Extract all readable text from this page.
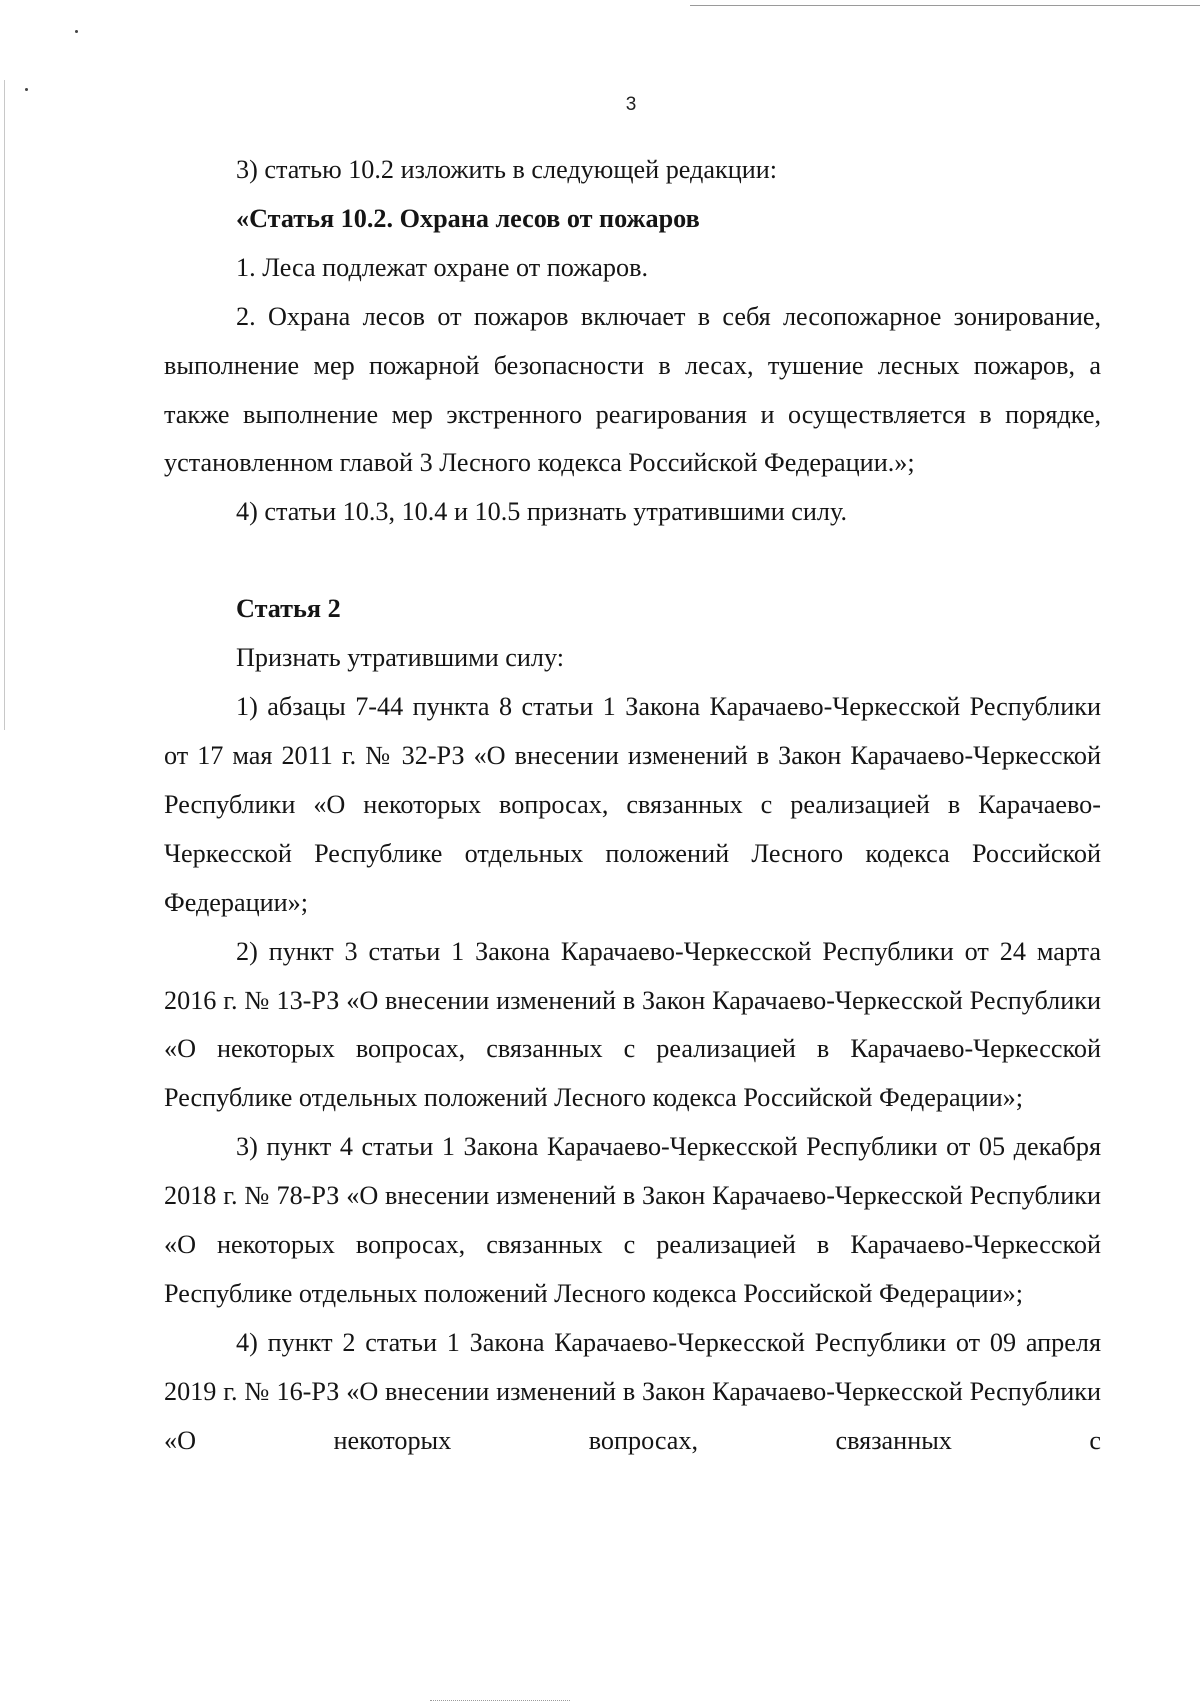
3

3) статью 10.2 изложить в следующей редакции:

«Статья 10.2. Охрана лесов от пожаров

1. Леса подлежат охране от пожаров.

2. Охрана лесов от пожаров включает в себя лесопожарное зонирование, выполнение мер пожарной безопасности в лесах, тушение лесных пожаров, а также выполнение мер экстренного реагирования и осуществляется в порядке, установленном главой 3 Лесного кодекса Российской Федерации.»;

4) статьи 10.3, 10.4 и 10.5 признать утратившими силу.

Статья 2

Признать утратившими силу:

1) абзацы 7-44 пункта 8 статьи 1 Закона Карачаево-Черкесской Республики от 17 мая 2011 г. № 32-РЗ «О внесении изменений в Закон Карачаево-Черкесской Республики «О некоторых вопросах, связанных с реализацией в Карачаево-Черкесской Республике отдельных положений Лесного кодекса Российской Федерации»;

2) пункт 3 статьи 1 Закона Карачаево-Черкесской Республики от 24 марта 2016 г. № 13-РЗ «О внесении изменений в Закон Карачаево-Черкесской Республики «О некоторых вопросах, связанных с реализацией в Карачаево-Черкесской Республике отдельных положений Лесного кодекса Российской Федерации»;

3) пункт 4 статьи 1 Закона Карачаево-Черкесской Республики от 05 декабря 2018 г. № 78-РЗ «О внесении изменений в Закон Карачаево-Черкесской Республики «О некоторых вопросах, связанных с реализацией в Карачаево-Черкесской Республике отдельных положений Лесного кодекса Российской Федерации»;

4) пункт 2 статьи 1 Закона Карачаево-Черкесской Республики от 09 апреля 2019 г. № 16-РЗ «О внесении изменений в Закон Карачаево-Черкесской Республики «О некоторых вопросах, связанных с
